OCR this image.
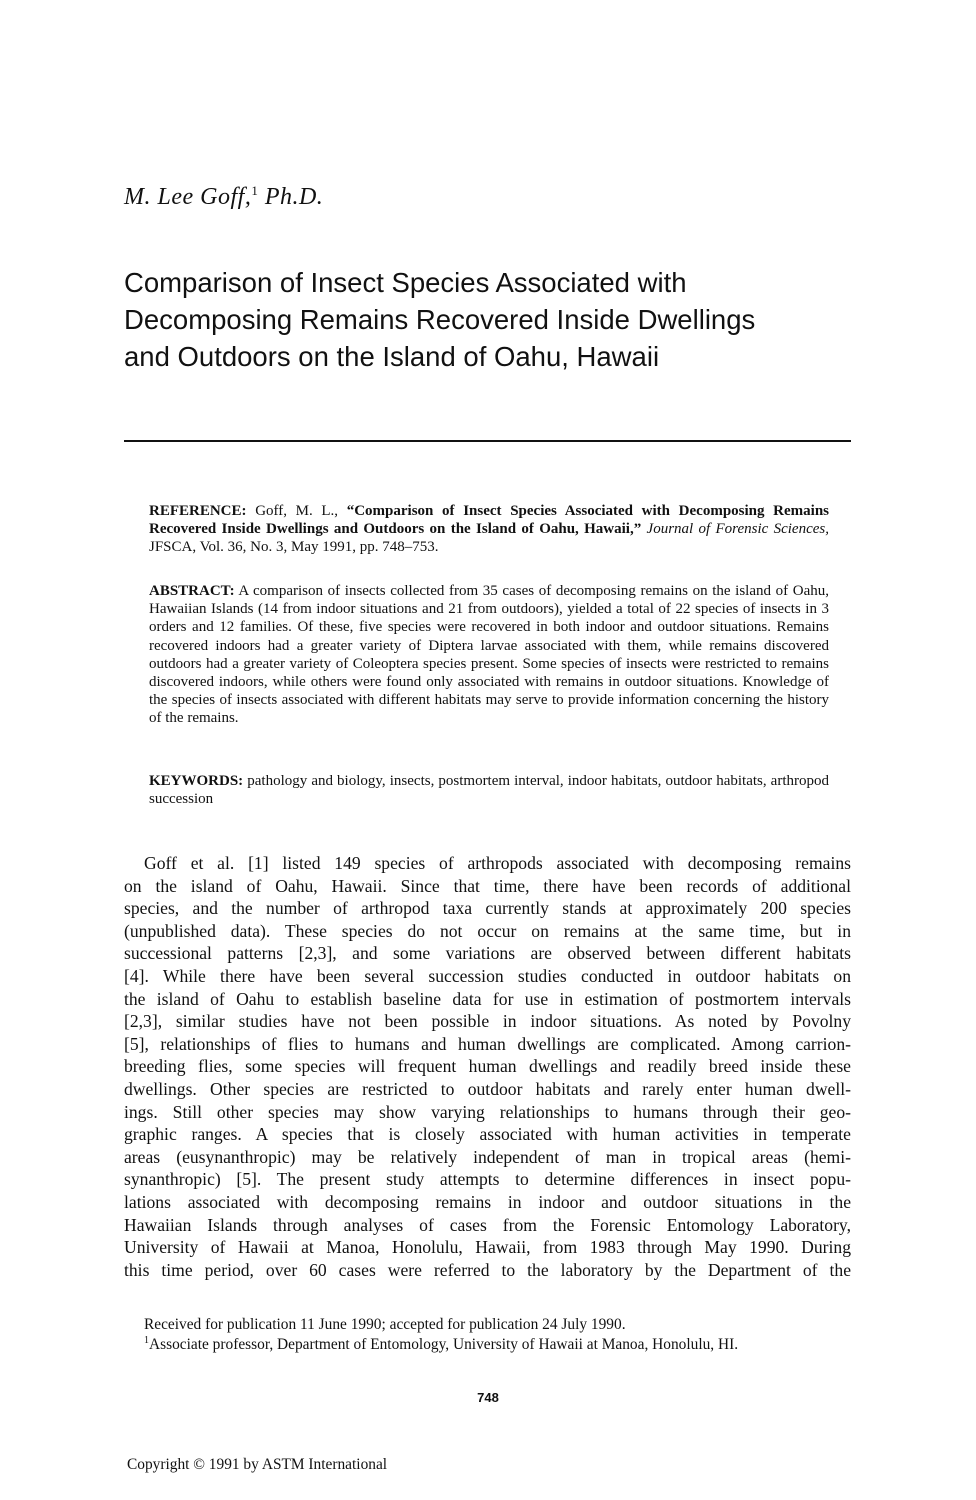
M. Lee Goff,$^1$ Ph.D.
Comparison of Insect Species Associated with
Decomposing Remains Recovered Inside Dwellings
and Outdoors on the Island of Oahu, Hawaii
REFERENCE: Goff, M. L., “Comparison of Insect Species Associated with Decomposing Remains Recovered Inside Dwellings and Outdoors on the Island of Oahu, Hawaii,” Journal of Forensic Sciences, JFSCA, Vol. 36, No. 3, May 1991, pp. 748–753.
ABSTRACT: A comparison of insects collected from 35 cases of decomposing remains on the island of Oahu, Hawaiian Islands (14 from indoor situations and 21 from outdoors), yielded a total of 22 species of insects in 3 orders and 12 families. Of these, five species were recovered in both indoor and outdoor situations. Remains recovered indoors had a greater variety of Diptera larvae associated with them, while remains discovered outdoors had a greater variety of Coleoptera species present. Some species of insects were restricted to remains discovered indoors, while others were found only associated with remains in outdoor situations. Knowledge of the species of insects associated with different habitats may serve to provide information concerning the history of the remains.
KEYWORDS: pathology and biology, insects, postmortem interval, indoor habitats, outdoor habitats, arthropod succession
Goff et al. [1] listed 149 species of arthropods associated with decomposing remains
on the island of Oahu, Hawaii. Since that time, there have been records of additional
species, and the number of arthropod taxa currently stands at approximately 200 species
(unpublished data). These species do not occur on remains at the same time, but in
successional patterns [2,3], and some variations are observed between different habitats
[4]. While there have been several succession studies conducted in outdoor habitats on
the island of Oahu to establish baseline data for use in estimation of postmortem intervals
[2,3], similar studies have not been possible in indoor situations. As noted by Povolny
[5], relationships of flies to humans and human dwellings are complicated. Among carrion-
breeding flies, some species will frequent human dwellings and readily breed inside these
dwellings. Other species are restricted to outdoor habitats and rarely enter human dwell-
ings. Still other species may show varying relationships to humans through their geo-
graphic ranges. A species that is closely associated with human activities in temperate
areas (eusynanthropic) may be relatively independent of man in tropical areas (hemi-
synanthropic) [5]. The present study attempts to determine differences in insect popu-
lations associated with decomposing remains in indoor and outdoor situations in the
Hawaiian Islands through analyses of cases from the Forensic Entomology Laboratory,
University of Hawaii at Manoa, Honolulu, Hawaii, from 1983 through May 1990. During
this time period, over 60 cases were referred to the laboratory by the Department of the
Received for publication 11 June 1990; accepted for publication 24 July 1990.
$^1$Associate professor, Department of Entomology, University of Hawaii at Manoa, Honolulu, HI.
748
Copyright © 1991 by ASTM International
